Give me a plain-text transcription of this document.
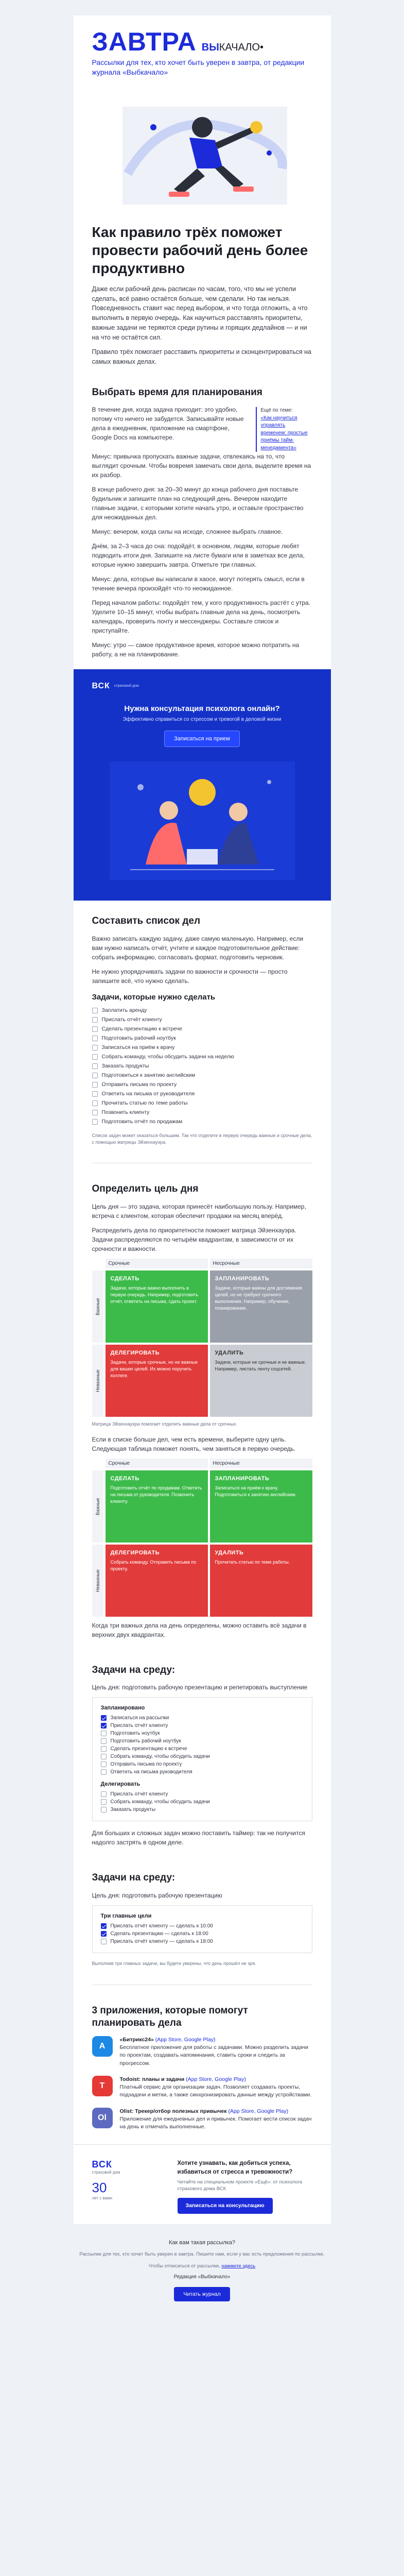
ЗАВТРА ВЫКАЧАЛО•
Рассылки для тех, кто хочет быть уверен в завтра, от редакции журнала «Выбкачало»
Как правило трёх поможет провести рабочий день более продуктивно

Даже если рабочий день расписан по часам, того, что мы не успели сделать, всё равно остаётся больше, чем сделали. Но так нельзя. Повседневность ставит нас перед выбором, и что тогда отложить, а что выполнить в первую очередь. Как научиться расставлять приоритеты, важные задачи не теряются среди рутины и горящих дедлайнов — и ни на что не остаётся сил.

Правило трёх помогает расставить приоритеты и сконцентрироваться на самых важных делах.

Выбрать время для планирования

В течение дня, когда задача приходит: это удобно, потому что ничего не забудется. Записывайте новые дела в ежедневник, приложение на смартфоне, Google Docs на компьютере.

Ещё по теме:
«Как научиться управлять временем: простые приёмы тайм-менеджмента»

Минус: привычка пропускать важные задачи, отвлекаясь на то, что выглядит срочным. Чтобы вовремя замечать свои дела, выделите время на их разбор.

В конце рабочего дня: за 20–30 минут до конца рабочего дня поставьте будильник и запишите план на следующий день. Вечером находите главные задачи, с которыми хотите начать утро, и оставьте пространство для неожиданных дел.

Минус: вечером, когда силы на исходе, сложнее выбрать главное.

Днём, за 2–3 часа до сна: подойдёт, в основном, людям, которые любят подводить итоги дня. Запишите на листе бумаги или в заметках все дела, которые нужно завершить завтра. Отметьте три главных.

Минус: дела, которые вы написали в хаосе, могут потерять смысл, если в течение вечера произойдёт что-то неожиданное.

Перед началом работы: подойдёт тем, у кого продуктивность растёт с утра. Уделите 10–15 минут, чтобы выбрать главные дела на день, посмотреть календарь, проверить почту и мессенджеры. Составьте список и приступайте.

Минус: утро — самое продуктивное время, которое можно потратить на работу, а не на планирование.

ВСК страховой дом
Нужна консультация психолога онлайн?
Эффективно справиться со стрессом и тревогой в деловой жизни
Записаться на прием
Составить список дел

Важно записать каждую задачу, даже самую маленькую. Например, если вам нужно написать отчёт, учтите и каждое подготовительное действие: собрать информацию, согласовать формат, подготовить черновик.

Не нужно упорядочивать задачи по важности и срочности — просто запишите всё, что нужно сделать.

Задачи, которые нужно сделать
Заплатить аренду
Прислать отчёт клиенту
Сделать презентацию к встрече
Подготовить рабочий ноутбук
Записаться на приём к врачу
Собрать команду, чтобы обсудить задачи на неделю
Заказать продукты
Подготовиться к занятию английским
Отправить письма по проекту
Ответить на письма от руководителя
Прочитать статью по теме работы
Позвонить клиенту
Подготовить отчёт по продажам
Список задач может оказаться большим. Так что отделите в первую очередь важные и срочные дела, с помощью матрицы Эйзенхауэра.
Определить цель дня

Цель дня — это задача, которая принесёт наибольшую пользу. Например, встреча с клиентом, которая обеспечит продажи на месяц вперёд.

Распределить дела по приоритетности поможет матрица Эйзенхауэра. Задачи распределяются по четырём квадрантам, в зависимости от их срочности и важности.

Срочные	Несрочные
Важные
СДЕЛАТЬ
Задачи, которые важно выполнить в первую очередь. Например, подготовить отчёт, ответить на письма, сдать проект.
ЗАПЛАНИРОВАТЬ
Задачи, которые важны для достижения целей, но не требуют срочного выполнения. Например, обучение, планирование.
Неважные
ДЕЛЕГИРОВАТЬ
Задачи, которые срочные, но не важные для ваших целей. Их можно поручить коллеге.
УДАЛИТЬ
Задачи, которые не срочные и не важные. Например, листать ленту соцсетей.
Матрица Эйзенхауэра помогает отделить важные дела от срочных.

Если в списке больше дел, чем есть времени, выберите одну цель. Следующая таблица поможет понять, чем заняться в первую очередь.

Срочные	Несрочные
Важные
СДЕЛАТЬ
Подготовить отчёт по продажам. Ответить на письма от руководителя. Позвонить клиенту.
ЗАПЛАНИРОВАТЬ
Записаться на приём к врачу. Подготовиться к занятию английским.
Неважные
ДЕЛЕГИРОВАТЬ
Собрать команду. Отправить письма по проекту.
УДАЛИТЬ
Прочитать статью по теме работы.

Когда три важных дела на день определены, можно оставить всё задачи в верхних двух квадрантах.

Задачи на среду:

Цель дня: подготовить рабочую презентацию и репетировать выступление

Запланировано
Записаться на рассылки
Прислать отчёт клиенту
Подготовить ноутбук
Подготовить рабочий ноутбук
Сделать презентацию к встрече
Собрать команду, чтобы обсудить задачи
Отправить письма по проекту
Ответить на письма руководителя
Делегировать
Прислать отчёт клиенту
Собрать команду, чтобы обсудить задачи
Заказать продукты

Для больших и сложных задач можно поставить таймер: так не получится надолго застрять в одном деле.

Задачи на среду:

Цель дня: подготовить рабочую презентацию

Три главные цели
Прислать отчёт клиенту — сделать к 10:00
Сделать презентацию — сделать к 18:00
Прислать отчёт клиенту — сделать к 18:00
Выполнив три главных задачи, вы будете уверены, что день прошёл не зря.
3 приложения, которые помогут планировать дела
A
«Битрикс24» (App Store, Google Play)
Бесплатное приложение для работы с задачами. Можно разделить задачи по проектам, создавать напоминания, ставить сроки и следить за прогрессом.
T
Todoist: планы и задачи (App Store, Google Play)
Платный сервис для организации задач. Позволяет создавать проекты, подзадачи и метки, а также синхронизировать данные между устройствами.
Ol
Olist: Трекер/отбор полезных привычек (App Store, Google Play)
Приложение для ежедневных дел и привычек. Помогает вести список задач на день и отмечать выполненные.
ВСК
страховой дом
30
лет с вами
Хотите узнавать, как добиться успеха, избавиться от стресса и тревожности?
Читайте на специальном проекте «Ещё»: от психолога страхового дома ВСК
Записаться на консультацию
Как вам такая рассылка?
Рассылки для тех, кто хочет быть уверен в завтра. Пишите нам, если у вас есть предложения по рассылке.
Чтобы отписаться от рассылки, нажмите здесь
Редакция «Выбкачало»
Читать журнал
